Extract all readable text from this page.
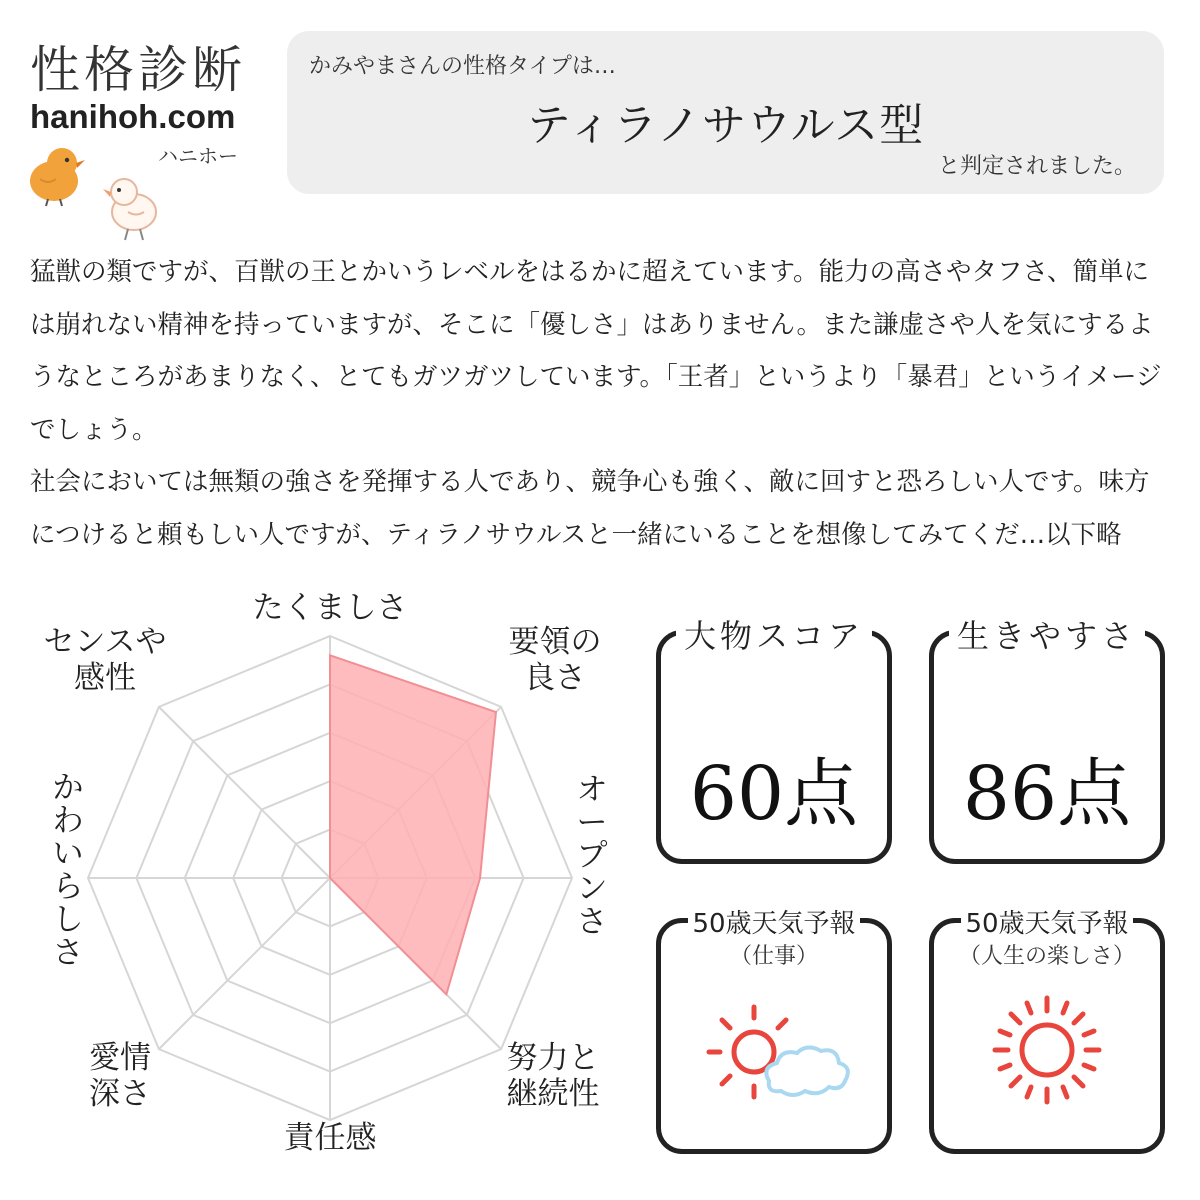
性格診断
hanihoh.com
ハニホー
かみやまさんの性格タイプは…
ティラノサウルス型
と判定されました。

猛獣の類ですが、百獣の王とかいうレベルをはるかに超えています。能力の高さやタフさ、簡単には崩れない精神を持っていますが、そこに「優しさ」はありません。また謙虚さや人を気にするようなところがあまりなく、とてもガツガツしています。「王者」というより「暴君」というイメージでしょう。

社会においては無類の強さを発揮する人であり、競争心も強く、敵に回すと恐ろしい人です。味方につけると頼もしい人ですが、ティラノサウルスと一緒にいることを想像してみてくだ…以下略

たくましさ
要領の良さ
オープンさ
努力と継続性
責任感
愛情深さ
かわいらしさ
センスや感性
大物スコア
60点
生きやすさ
86点
50歳天気予報
（仕事）
50歳天気予報
（人生の楽しさ）
